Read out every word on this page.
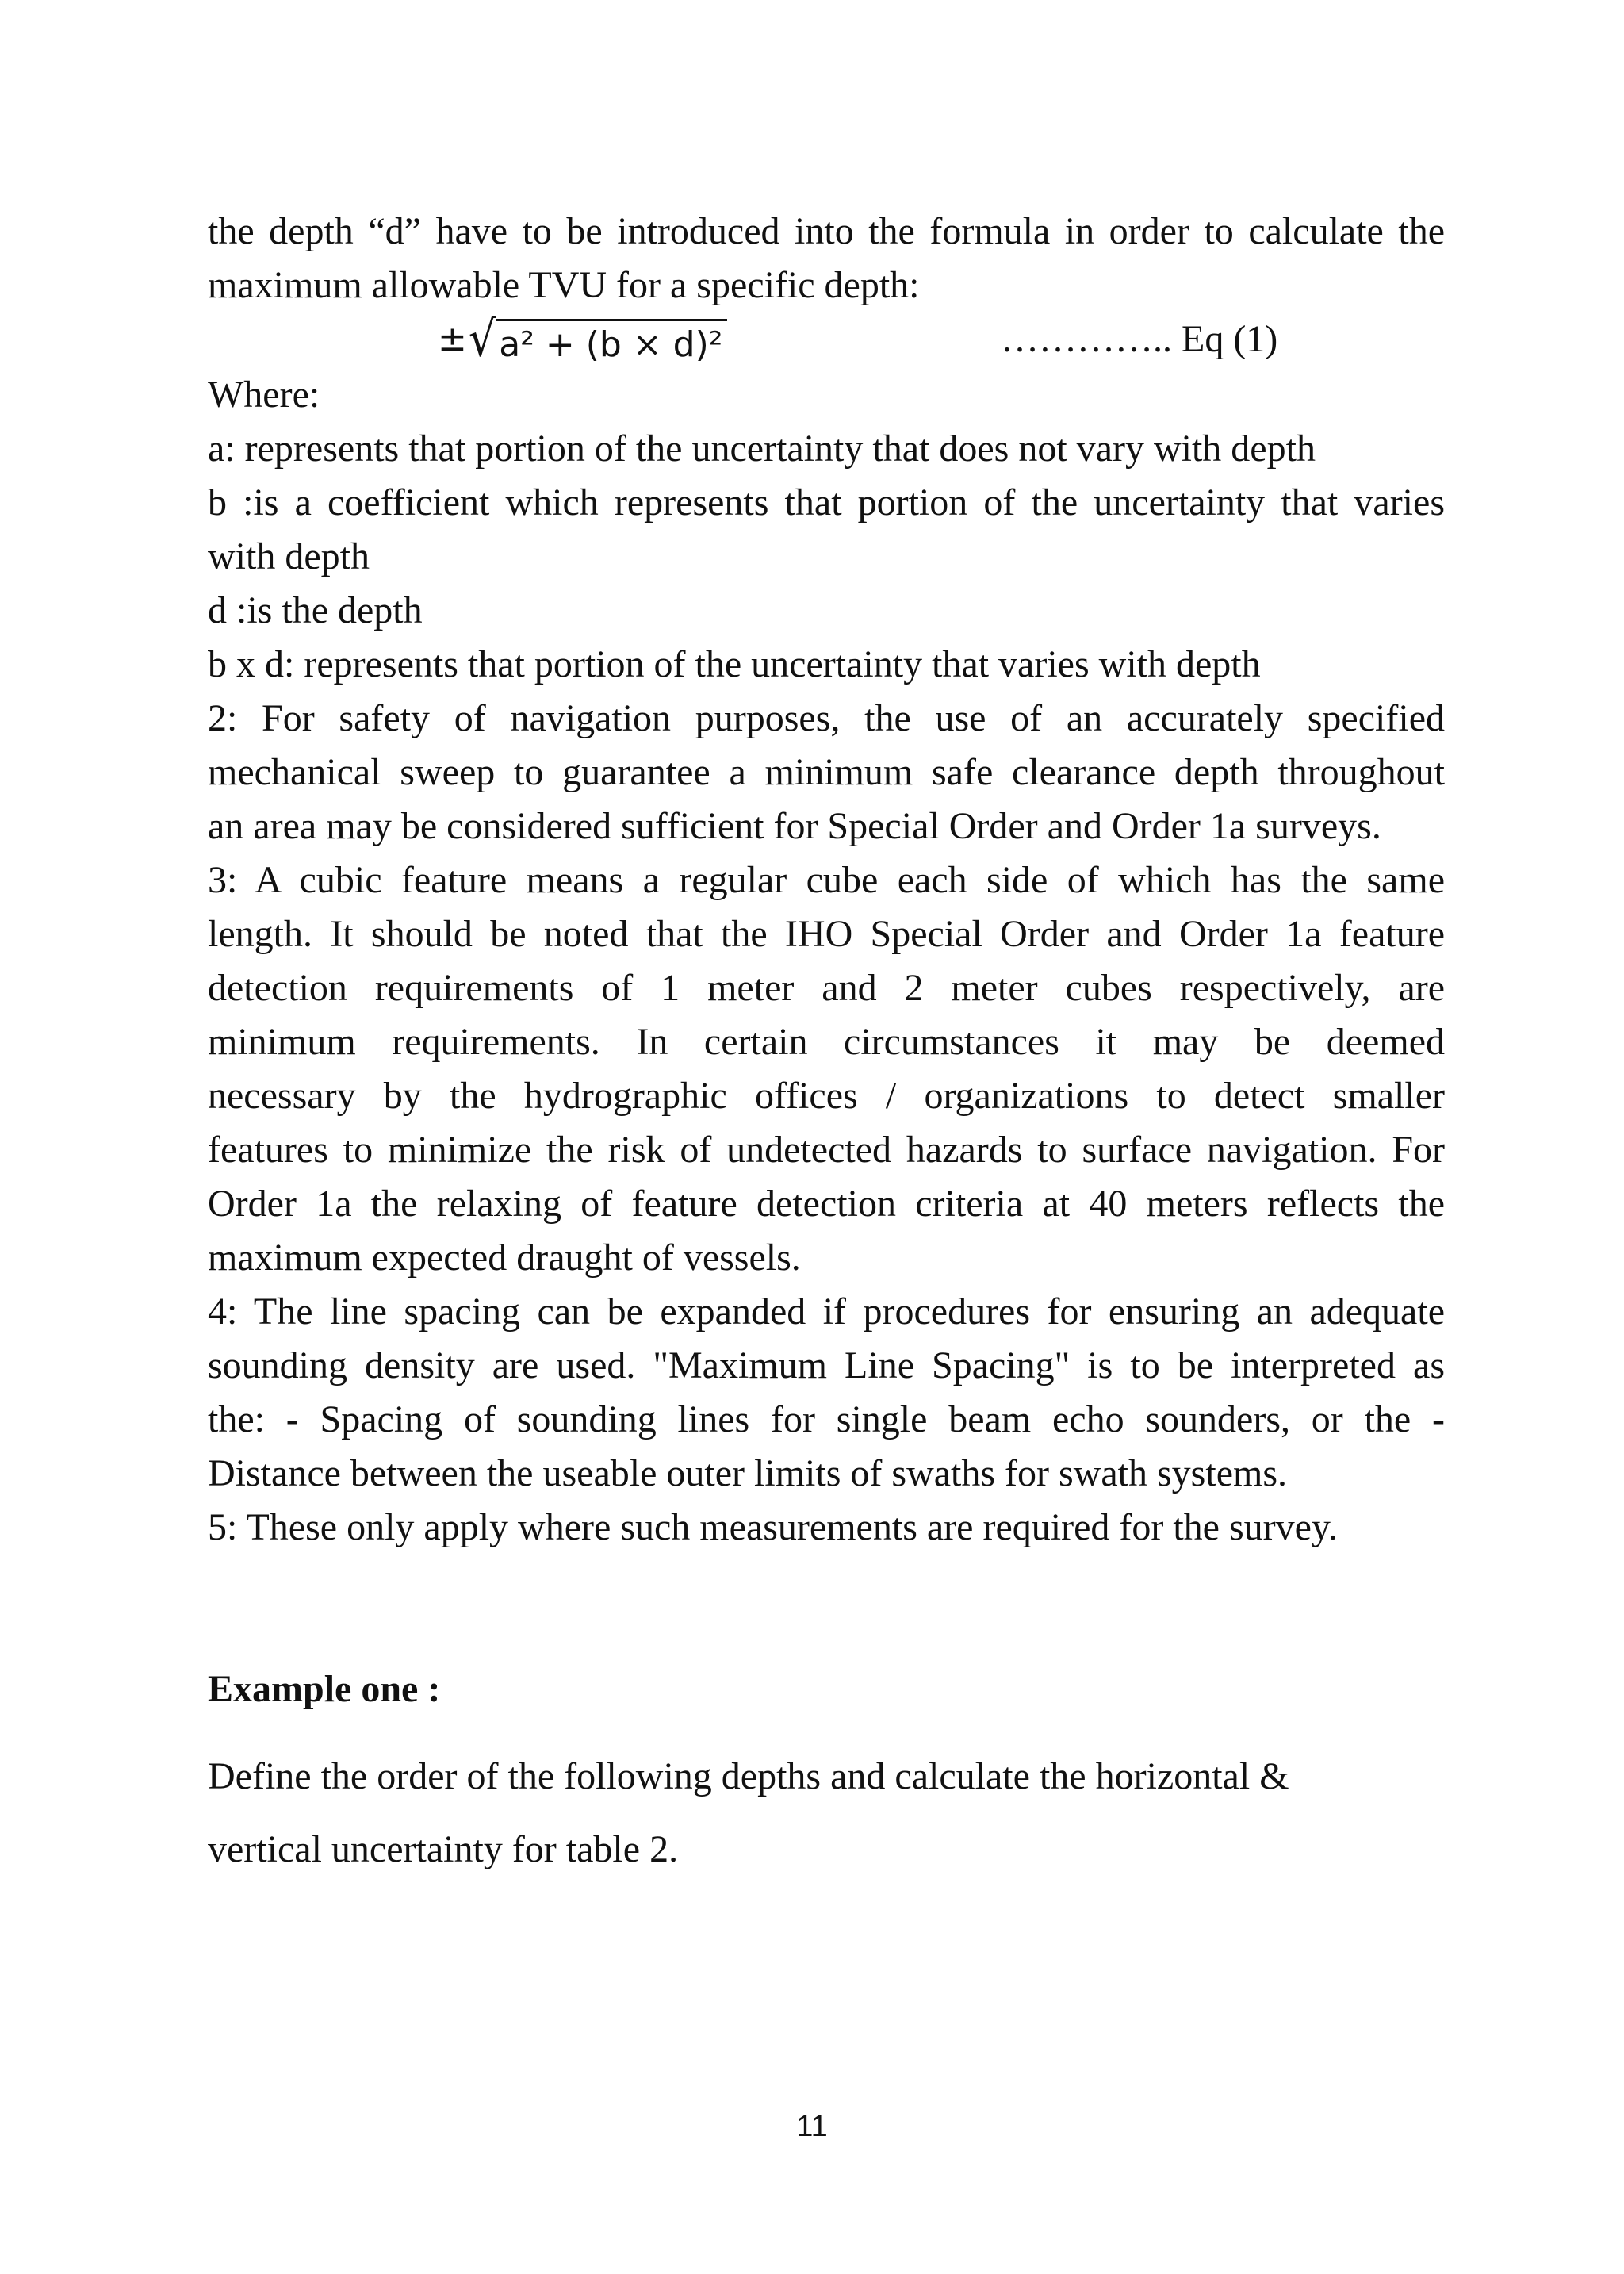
the depth “d” have to be introduced into the formula in order to calculate the
maximum allowable TVU for a specific depth:
±√a² + (b × d)²	………….. Eq (1)
Where:
a: represents that portion of the uncertainty that does not vary with depth
b :is a coefficient which represents that portion of the uncertainty that varies
with depth
d :is the depth
b x d: represents that portion of the uncertainty that varies with depth
2: For safety of navigation purposes, the use of an accurately specified
mechanical sweep to guarantee a minimum safe clearance depth throughout
an area may be considered sufficient for Special Order and Order 1a surveys.
3: A cubic feature means a regular cube each side of which has the same
length. It should be noted that the IHO Special Order and Order 1a feature
detection requirements of 1 meter and 2 meter cubes respectively, are
minimum requirements. In certain circumstances it may be deemed
necessary by the hydrographic offices / organizations to detect smaller
features to minimize the risk of undetected hazards to surface navigation. For
Order 1a the relaxing of feature detection criteria at 40 meters reflects the
maximum expected draught of vessels.
4: The line spacing can be expanded if procedures for ensuring an adequate
sounding density are used. "Maximum Line Spacing" is to be interpreted as
the: - Spacing of sounding lines for single beam echo sounders, or the -
Distance between the useable outer limits of swaths for swath systems.
5: These only apply where such measurements are required for the survey.
Example one :
Define the order of the following depths and calculate the horizontal &
vertical uncertainty for table 2.
11
